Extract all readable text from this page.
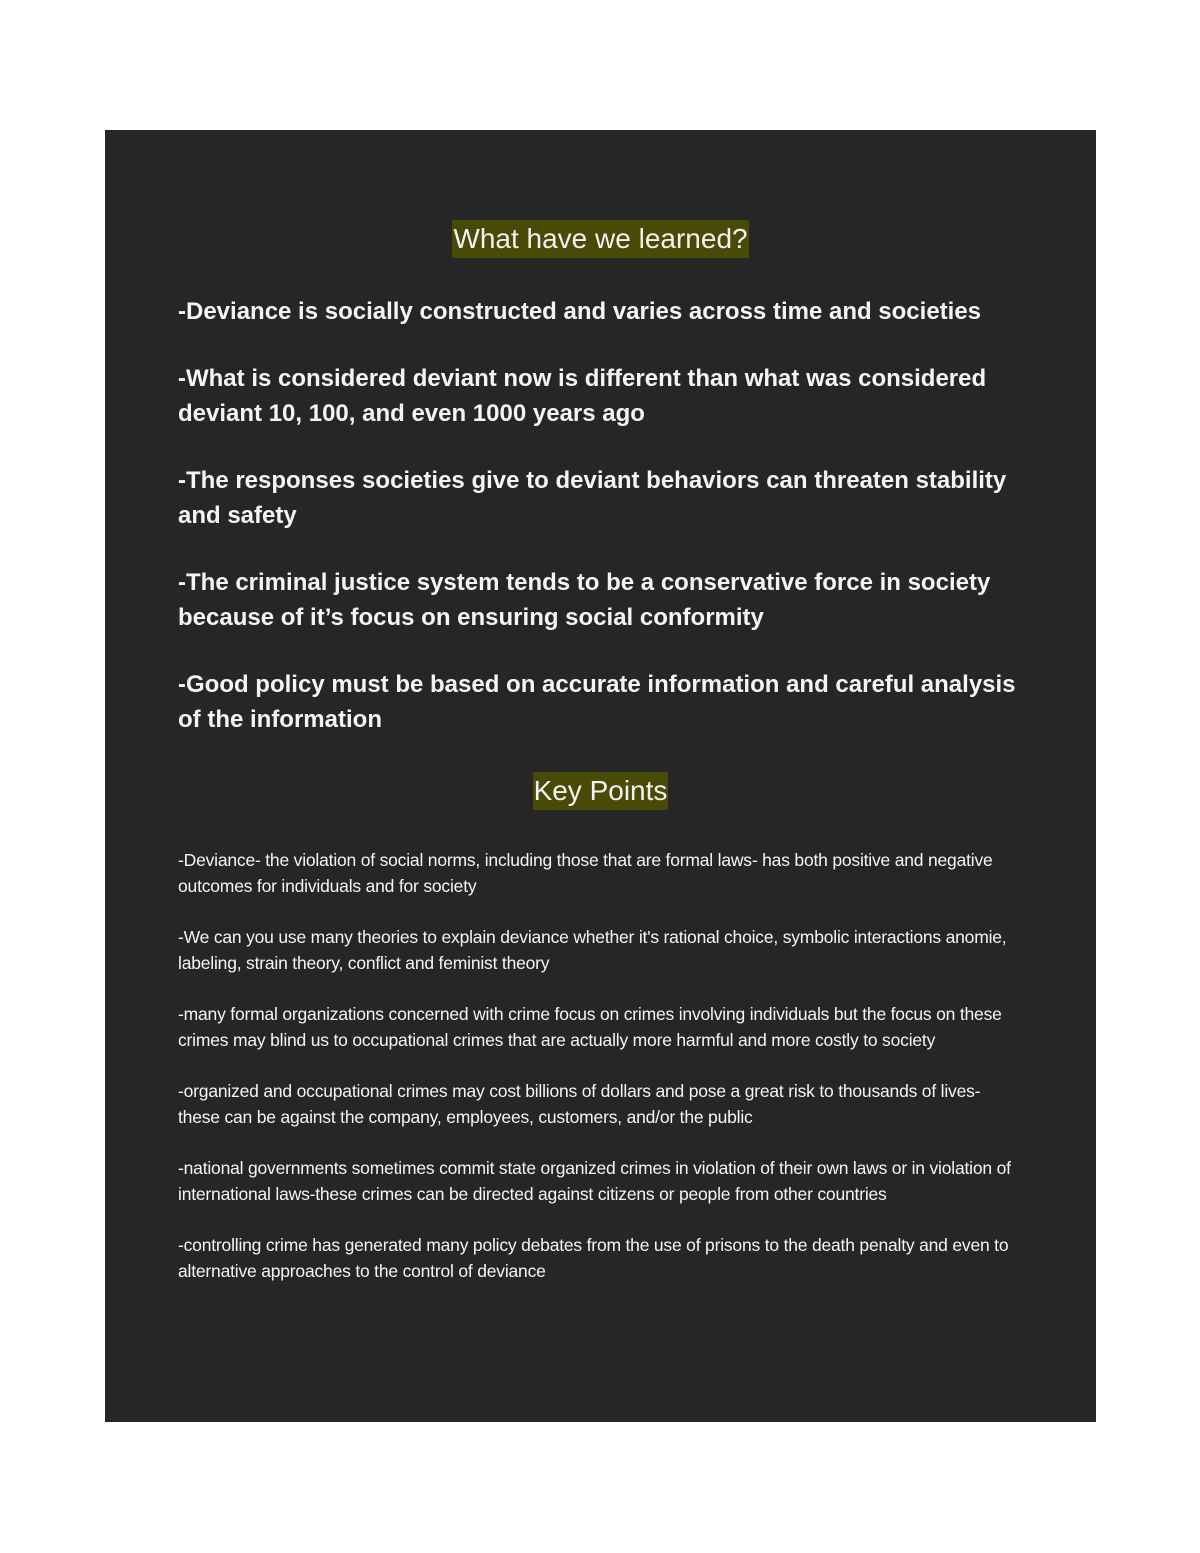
What have we learned?
-Deviance is socially constructed and varies across time and societies
-What is considered deviant now is different than what was considered deviant 10, 100, and even 1000 years ago
-The responses societies give to deviant behaviors can threaten stability and safety
-The criminal justice system tends to be a conservative force in society because of it’s focus on ensuring social conformity
-Good policy must be based on accurate information and careful analysis of the information
Key Points
-Deviance- the violation of social norms, including those that are formal laws- has both positive and negative outcomes for individuals and for society
-We can you use many theories to explain deviance whether it's rational choice, symbolic interactions anomie, labeling, strain theory, conflict and feminist theory
-many formal organizations concerned with crime focus on crimes involving individuals but the focus on these crimes may blind us to occupational crimes that are actually more harmful and more costly to society
-organized and occupational crimes may cost billions of dollars and pose a great risk to thousands of lives- these can be against the company, employees, customers, and/or the public
-national governments sometimes commit state organized crimes in violation of their own laws or in violation of international laws-these crimes can be directed against citizens or people from other countries
-controlling crime has generated many policy debates from the use of prisons to the death penalty and even to alternative approaches to the control of deviance
